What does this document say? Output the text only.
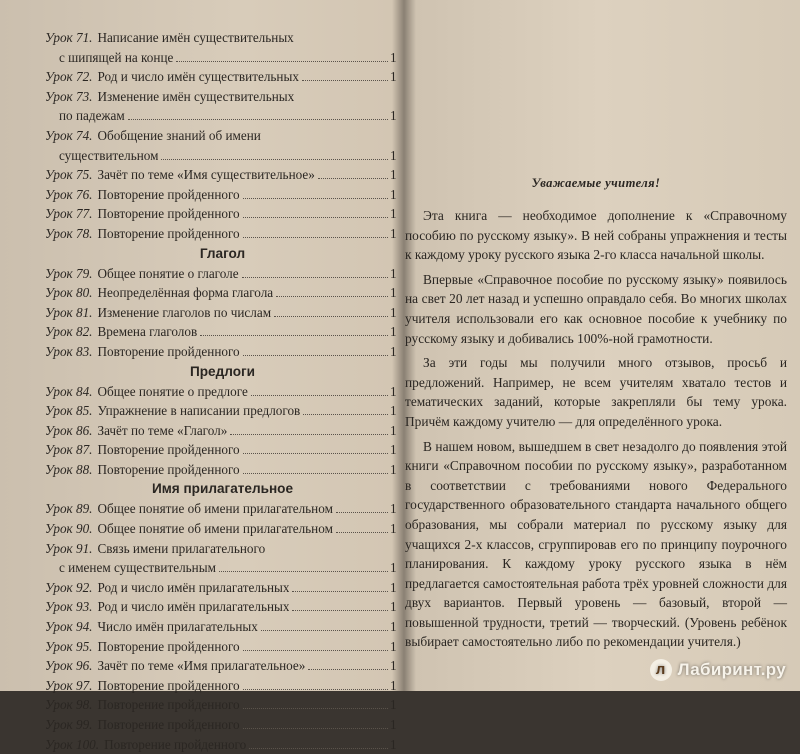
Урок 71. Написание имён существительных
с шипящей на конце	1
Урок 72. Род и число имён существительных	1
Урок 73. Изменение имён существительных
по падежам	1
Урок 74. Обобщение знаний об имени
существительном	1
Урок 75. Зачёт по теме «Имя существительное»	1
Урок 76. Повторение пройденного	1
Урок 77. Повторение пройденного	1
Урок 78. Повторение пройденного	1
Глагол
Урок 79. Общее понятие о глаголе	1
Урок 80. Неопределённая форма глагола	1
Урок 81. Изменение глаголов по числам	1
Урок 82. Времена глаголов	1
Урок 83. Повторение пройденного	1
Предлоги
Урок 84. Общее понятие о предлоге	1
Урок 85. Упражнение в написании предлогов	1
Урок 86. Зачёт по теме «Глагол»	1
Урок 87. Повторение пройденного	1
Урок 88. Повторение пройденного	1
Имя прилагательное
Урок 89. Общее понятие об имени прилагательном	1
Урок 90. Общее понятие об имени прилагательном	1
Урок 91. Связь имени прилагательного
с именем существительным	1
Урок 92. Род и число имён прилагательных	1
Урок 93. Род и число имён прилагательных	1
Урок 94. Число имён прилагательных	1
Урок 95. Повторение пройденного	1
Урок 96. Зачёт по теме «Имя прилагательное»	1
Урок 97. Повторение пройденного	1
Урок 98. Повторение пройденного	1
Урок 99. Повторение пройденного	1
Урок 100. Повторение пройденного	1
Уважаемые учителя!

Эта книга — необходимое дополнение к «Справочному пособию по русскому языку». В ней собраны упражнения и тесты к каждому уроку русского языка 2-го класса начальной школы.

Впервые «Справочное пособие по русскому языку» появилось на свет 20 лет назад и успешно оправдало себя. Во многих школах учителя использовали его как основное пособие к учебнику по русскому языку и добивались 100%-ной грамотности.

За эти годы мы получили много отзывов, просьб и предложений. Например, не всем учителям хватало тестов и тематических заданий, которые закрепляли бы тему урока. Причём каждому учителю — для определённого урока.

В нашем новом, вышедшем в свет незадолго до появления этой книги «Справочном пособии по русскому языку», разработанном в соответствии с требованиями нового Федерального государственного образовательного стандарта начального общего образования, мы собрали материал по русскому языку для учащихся 2-х классов, сгруппировав его по принципу поурочного планирования. К каждому уроку русского языка в нём предлагается самостоятельная работа трёх уровней сложности для двух вариантов. Первый уровень — базовый, второй — повышенной трудности, третий — творческий. (Уровень ребёнок выбирает самостоятельно либо по рекомендации учителя.)

л Лабиринт.ру
